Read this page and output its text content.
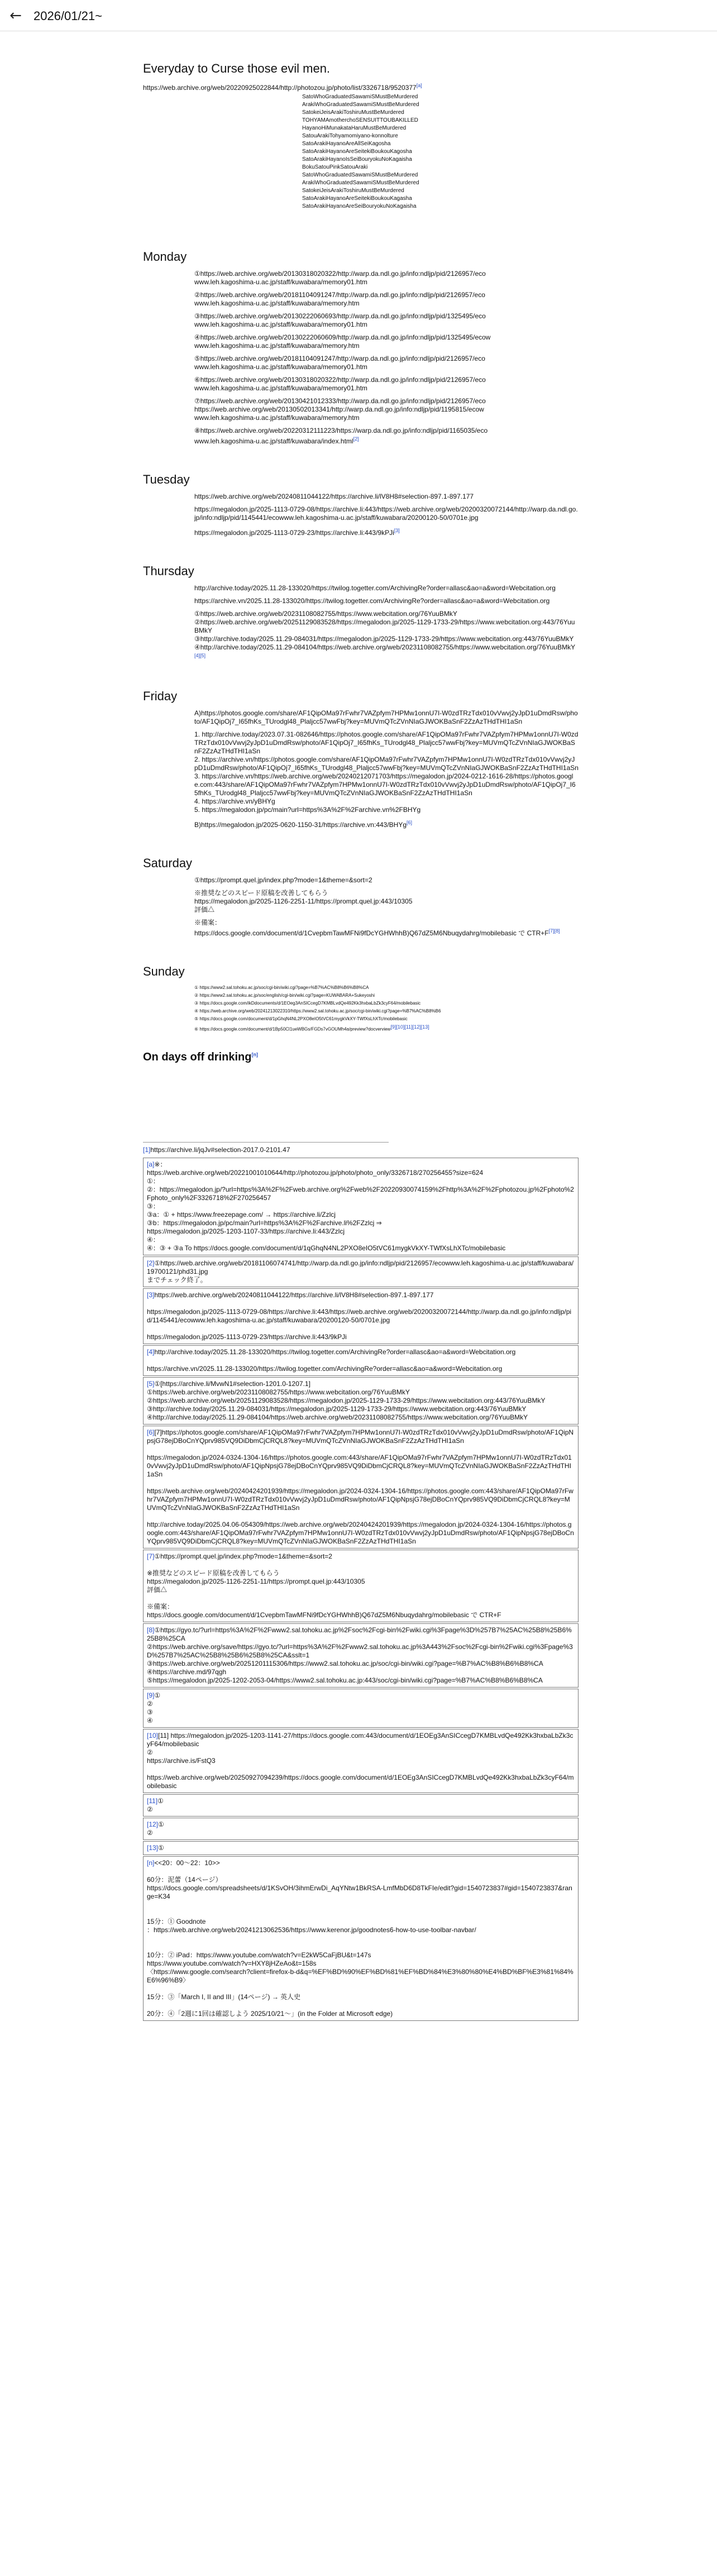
← 2026/01/21~
Everyday to Curse those evil men.
https://web.archive.org/web/20220925022844/http://photozou.jp/photo/list/3326718/9520377[a]
SatoWhoGraduatedSawamiSMustBeMurdered
ArakiWhoGraduatedSawamiSMustBeMurdered
SatokeiJeisArakiToshiruMustBeMurdered
TOHYAMAmotherchoSENSUITTOUBAKILLED
HayanoHiMunakataHaruMustBeMurdered
SatouArakiTohyamomiyano-konnolture
SatoArakiHayanoAreAllSeiKagosha
SatoArakiHayanoAreSeitekiBoukouKagosha
SatoArakiHayanoIsSeiBouryokuNoKagaisha
BokuSatouPinkSatouAraki
SatoWhoGraduatedSawamiSMustBeMurdered
ArakiWhoGraduatedSawamiSMustBeMurdered
SatokeiJeisArakiToshiruMustBeMurdered
SatoArakiHayanoAreSeitekiBoukouKagasha
SatoArakiHayanoAreSeiBouryokuNoKagaisha
Monday
①https://web.archive.org/web/20130318020322/http://warp.da.ndl.go.jp/info:ndljp/pid/2126957/eco
www.leh.kagoshima-u.ac.jp/staff/kuwabara/memory01.htm
②https://web.archive.org/web/20181104091247/http://warp.da.ndl.go.jp/info:ndljp/pid/2126957/eco
www.leh.kagoshima-u.ac.jp/staff/kuwabara/memory.htm
③https://web.archive.org/web/20130222060693/http://warp.da.ndl.go.jp/info:ndljp/pid/1325495/eco
www.leh.kagoshima-u.ac.jp/staff/kuwabara/memory01.htm
④https://web.archive.org/web/20130222060609/http://warp.da.ndl.go.jp/info:ndljp/pid/1325495/ecow
www.leh.kagoshima-u.ac.jp/staff/kuwabara/memory.htm
⑤https://web.archive.org/web/20181104091247/http://warp.da.ndl.go.jp/info:ndljp/pid/2126957/eco
www.leh.kagoshima-u.ac.jp/staff/kuwabara/memory01.htm
⑥https://web.archive.org/web/20130318020322/http://warp.da.ndl.go.jp/info:ndljp/pid/2126957/eco
www.leh.kagoshima-u.ac.jp/staff/kuwabara/memory01.htm
⑦https://web.archive.org/web/20130421012333/http://warp.da.ndl.go.jp/info:ndljp/pid/2126957/eco
https://web.archive.org/web/20130502013341/http://warp.da.ndl.go.jp/info:ndljp/pid/1195815/ecow
www.leh.kagoshima-u.ac.jp/staff/kuwabara/memory.htm
⑧https://web.archive.org/web/20220312111223/https://warp.da.ndl.go.jp/info:ndljp/pid/1165035/eco
www.leh.kagoshima-u.ac.jp/staff/kuwabara/index.html[2]
Tuesday
https://web.archive.org/web/20240811044122/https://archive.li/lV8H8#selection-897.1-897.177
https://megalodon.jp/2025-1113-0729-08/https://archive.li:443/https://web.archive.org/web/20200320072144/http://warp.da.ndl.go.jp/info:ndljp/pid/1145441/ecowww.leh.kagoshima-u.ac.jp/staff/kuwabara/20200120-50/0701e.jpg
https://megalodon.jp/2025-1113-0729-23/https://archive.li:443/9kPJi[3]
Thursday
http://archive.today/2025.11.28-133020/https://twilog.togetter.com/ArchivingRe?order=allasc&ao=a&word=Webcitation.org
https://archive.vn/2025.11.28-133020/https://twilog.togetter.com/ArchivingRe?order=allasc&ao=a&word=Webcitation.org
①https://web.archive.org/web/20231108082755/https://www.webcitation.org/76YuuBMkY
②https://web.archive.org/web/20251129083528/https://megalodon.jp/2025-1129-1733-29/https://www.webcitation.org:443/76YuuBMkY
③http://archive.today/2025.11.29-084031/https://megalodon.jp/2025-1129-1733-29/https://www.webcitation.org:443/76YuuBMkY
④http://archive.today/2025.11.29-084104/https://web.archive.org/web/20231108082755/https://www.webcitation.org/76YuuBMkY[4][5]
Friday
A)https://photos.google.com/share/AF1QipOMa97rFwhr7VAZpfym7HPMw1onnU7I-W0zdTRzTdx010vVwvj2yJpD1uDmdRsw/photo/AF1QipOj7_I65fhKs_TUrodgl48_Plaljcc57wwFbj?key=MUVmQTcZVnNIaGJWOKBaSnF2ZzAzTHdTHI1aSn
1. http://archive.today/2023.07.31-082646/https://photos.google.com/share/AF1QipOMa97rFwhr7VAZpfym7HPMw1onnU7I-W0zdTRzTdx010vVwvj2yJpD1uDmdRsw/photo/AF1QipOj7_I65fhKs_TUrodgl48_Plaljcc57wwFbj?key=MUVmQTcZVnNIaGJWOKBaSnF2ZzAzTHdTHI1aSn
2. https://archive.vn/https://photos.google.com/share/AF1QipOMa97rFwhr7VAZpfym7HPMw1onnU7I-W0zdTRzTdx010vVwvj2yJpD1uDmdRsw/photo/AF1QipOj7_I65fhKs_TUrodgl48_Plaljcc57wwFbj?key=MUVmQTcZVnNIaGJWOKBaSnF2ZzAzTHdTHI1aSn
3. https://archive.vn/https://web.archive.org/web/20240212071703/https://megalodon.jp/2024-0212-1616-28/https://photos.google.com:443/share/AF1QipOMa97rFwhr7VAZpfym7HPMw1onnU7I-W0zdTRzTdx010vVwvj2yJpD1uDmdRsw/photo/AF1QipOj7_I65fhKs_TUrodgl48_Plaljcc57wwFbj?key=MUVmQTcZVnNIaGJWOKBaSnF2ZzAzTHdTHI1aSn
4. https://archive.vn/yBHYg
5. https://megalodon.jp/pc/main?url=https%3A%2F%2Farchive.vn%2FBHYg
B)https://megalodon.jp/2025-0620-1150-31/https://archive.vn:443/BHYg[6]
Saturday
①https://prompt.quel.jp/index.php?mode=1&theme=&sort=2
※推奨などのスピード原稿を改善してもらう
https://megalodon.jp/2025-1126-2251-11/https://prompt.quel.jp:443/10305
評価△
※備案：
https://docs.google.com/document/d/1CvepbmTawMFNi9fDcYGHWhhB)Q67dZ5M6Nbuqydahrg/mobilebasic で CTR+F[7][8]
Sunday
① https://www2.sal.tohoku.ac.jp/soc/cgi-bin/wiki.cgi?page=%B7%AC%B8%B6%B8%CA
② https://www2.sal.tohoku.ac.jp/soc/english/cgi-bin/wiki.cgi?page=KUWABARA+Sukeyoshi
③ https://docs.google.com/ikDdocuments/d/1EOeg3AnSICcegD7KMBLvdQe492Kk3hxbaLbZk3cyF64/mobilebasic
④ https://web.archive.org/web/20241213022310/https://www2.sal.tohoku.ac.jp/soc/cgi-bin/wiki.cgi?page=%B7%AC%B8%B6
⑤ https://docs.google.com/document/d/1pGhqN4NL2PXO8eIO5tVC61mygkVkXY-TWfXsLhXTc/mobilebasic
⑥ https://docs.google.com/document/d/1Bp50Cl1ueWBGs/FGDs7vGOUMh4a/preview?docverview[9][10][11][12][13]
On days off drinking[n]
[1]https://archive.li/jqJv#selection-2017.0-2101.47
[a]※：
https://web.archive.org/web/20221001010644/http://photozou.jp/photo/photo_only/3326718/270256455?size=624
①：
②：https://megalodon.jp/?url=https%3A%2F%2Fweb.archive.org%2Fweb%2F20220930074159%2Fhttp%3A%2F%2Fphotozou.jp%2Fphoto%2Fphoto_only%2F3326718%2F270256457
③：
③a：① + https://www.freezepage.com/ → https://archive.li/Zzlcj
③b：https://megalodon.jp/pc/main?url=https%3A%2F%2Farchive.li%2FZzlcj ⇒
https://megalodon.jp/2025-1203-1107-33/https://archive.li:443/Zzlcj
④：
④：③ + ③a To https://docs.google.com/document/d/1qGhqN4NL2PXO8eIO5tVC61mygkVkXY-TWfXsLhXTc/mobilebasic
[2]①https://web.archive.org/web/20181106074741/http://warp.da.ndl.go.jp/info:ndljp/pid/2126957/ecowww.leh.kagoshima-u.ac.jp/staff/kuwabara/19700121/phd31.jpg
までチェック終了。
[3]https://web.archive.org/web/20240811044122/https://archive.li/lV8H8#selection-897.1-897.177

https://megalodon.jp/2025-1113-0729-08/https://archive.li:443/https://web.archive.org/web/20200320072144/http://warp.da.ndl.go.jp/info:ndljp/pid/1145441/ecowww.leh.kagoshima-u.ac.jp/staff/kuwabara/20200120-50/0701e.jpg

https://megalodon.jp/2025-1113-0729-23/https://archive.li:443/9kPJi
[4]http://archive.today/2025.11.28-133020/https://twilog.togetter.com/ArchivingRe?order=allasc&ao=a&word=Webcitation.org

https://archive.vn/2025.11.28-133020/https://twilog.togetter.com/ArchivingRe?order=allasc&ao=a&word=Webcitation.org
[5]①[https://archive.li/MvwN1#selection-1201.0-1207.1]
①https://web.archive.org/web/20231108082755/https://www.webcitation.org/76YuuBMkY
②https://web.archive.org/web/20251129083528/https://megalodon.jp/2025-1129-1733-29/https://www.webcitation.org:443/76YuuBMkY
③http://archive.today/2025.11.29-084031/https://megalodon.jp/2025-1129-1733-29/https://www.webcitation.org:443/76YuuBMkY
④http://archive.today/2025.11.29-084104/https://web.archive.org/web/20231108082755/https://www.webcitation.org/76YuuBMkY
[6][7]https://photos.google.com/share/AF1QipOMa97rFwhr7VAZpfym7HPMw1onnU7I-W0zdTRzTdx010vVwvj2yJpD1uDmdRsw/photo/AF1QipNpsjG78ejDBoCnYQprv985VQ9DiDbmCjCRQL8?key=MUVmQTcZVnNIaGJWOKBaSnF2ZzAzTHdTHI1aSn

https://megalodon.jp/2024-0324-1304-16/https://photos.google.com:443/share/AF1QipOMa97rFwhr7VAZpfym7HPMw1onnU7I-W0zdTRzTdx010vVwvj2yJpD1uDmdRsw/photo/AF1QipNpsjG78ejDBoCnYQprv985VQ9DiDbmCjCRQL8?key=MUVmQTcZVnNIaGJWOKBaSnF2ZzAzTHdTHI1aSn

https://web.archive.org/web/20240424201939/https://megalodon.jp/2024-0324-1304-16/https://photos.google.com:443/share/AF1QipOMa97rFwhr7VAZpfym7HPMw1onnU7I-W0zdTRzTdx010vVwvj2yJpD1uDmdRsw/photo/AF1QipNpsjG78ejDBoCnYQprv985VQ9DiDbmCjCRQL8?key=MUVmQTcZVnNIaGJWOKBaSnF2ZzAzTHdTHI1aSn

http://archive.today/2025.04.06-054309/https://web.archive.org/web/20240424201939/https://megalodon.jp/2024-0324-1304-16/https://photos.google.com:443/share/AF1QipOMa97rFwhr7VAZpfym7HPMw1onnU7I-W0zdTRzTdx010vVwvj2yJpD1uDmdRsw/photo/AF1QipNpsjG78ejDBoCnYQprv985VQ9DiDbmCjCRQL8?key=MUVmQTcZVnNIaGJWOKBaSnF2ZzAzTHdTHI1aSn
[7]①https://prompt.quel.jp/index.php?mode=1&theme=&sort=2

※推奨などのスピード原稿を改善してもらう
https://megalodon.jp/2025-1126-2251-11/https://prompt.quel.jp:443/10305
評価△

※備案：
https://docs.google.com/document/d/1CvepbmTawMFNi9fDcYGHWhhB)Q67dZ5M6Nbuqydahrg/mobilebasic で CTR+F
[8]①https://gyo.tc/?url=https%3A%2F%2Fwww2.sal.tohoku.ac.jp%2Fsoc%2Fcgi-bin%2Fwiki.cgi%3Fpage%3D%257B7%25AC%25B8%25B6%25B8%25CA
②https://web.archive.org/save/https://gyo.tc/?url=https%3A%2F%2Fwww2.sal.tohoku.ac.jp%3A443%2Fsoc%2Fcgi-bin%2Fwiki.cgi%3Fpage%3D%257B7%25AC%25B8%25B6%25B8%25CA&sslt=1
③https://web.archive.org/web/20251201115306/https://www2.sal.tohoku.ac.jp/soc/cgi-bin/wiki.cgi?page=%B7%AC%B8%B6%B8%CA
④https://archive.md/97qgh
⑤https://megalodon.jp/2025-1202-2053-04/https://www2.sal.tohoku.ac.jp:443/soc/cgi-bin/wiki.cgi?page=%B7%AC%B8%B6%B8%CA
[9]①
②
③
④
[10][11] https://megalodon.jp/2025-1203-1141-27/https://docs.google.com:443/document/d/1EOEg3AnSICcegD7KMBLvdQe492Kk3hxbaLbZk3cyF64/mobilebasic
②
https://archive.is/FstQ3

https://web.archive.org/web/20250927094239/https://docs.google.com/document/d/1EOEg3AnSICcegD7KMBLvdQe492Kk3hxbaLbZk3cyF64/mobilebasic
[11]①
②
[12]①
②
[13]①
[n]<<20：00～22：10>>

60分：泥蕾（14ページ）
https://docs.google.com/spreadsheets/d/1KSvOH/3ihmErwDi_AqYNtw1BkRSA-LmfMbD6D8TkFIe/edit?gid=1540723837#gid=1540723837&range=K34

15分：① Goodnote
：https://web.archive.org/web/20241213062536/https://www.kerenor.jp/goodnotes6-how-to-use-toolbar-navbar/

10分：② iPad：https://www.youtube.com/watch?v=E2kW5CaFjBU&t=147s
https://www.youtube.com/watch?v=HXY8jHZeAo&t=158s
〈https://www.google.com/search?client=firefox-b-d&q=%EF%BD%90%EF%BD%81%EF%BD%84%E3%80%80%E4%BD%BF%E3%81%84%E6%96%B9〉

15分：③「March I, II and III」(14ページ) → 英人史

20分：④「2週に1回は確認しよう 2025/10/21〜」(in the Folder at Microsoft edge)
